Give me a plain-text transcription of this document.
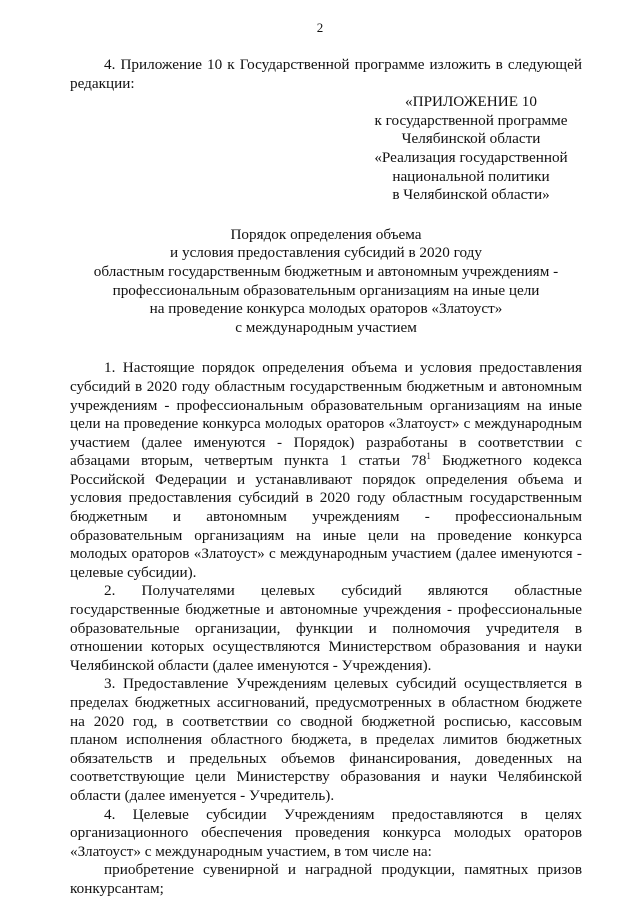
2

4. Приложение 10 к Государственной программе изложить в следующей редакции:

«ПРИЛОЖЕНИЕ 10
к государственной программе
Челябинской области
«Реализация государственной
национальной политики
в Челябинской области»
Порядок определения объема
и условия предоставления субсидий в 2020 году
областным государственным бюджетным и автономным учреждениям -
профессиональным образовательным организациям на иные цели
на проведение конкурса молодых ораторов «Златоуст»
с международным участием

1. Настоящие порядок определения объема и условия предоставления субсидий в 2020 году областным государственным бюджетным и автономным учреждениям - профессиональным образовательным организациям на иные цели на проведение конкурса молодых ораторов «Златоуст» с международным участием (далее именуются - Порядок) разработаны в соответствии с абзацами вторым, четвертым пункта 1 статьи $78^1$ Бюджетного кодекса Российской Федерации и устанавливают порядок определения объема и условия предоставления субсидий в 2020 году областным государственным бюджетным и автономным учреждениям - профессиональным образовательным организациям на иные цели на проведение конкурса молодых ораторов «Златоуст» с международным участием (далее именуются - целевые субсидии).

2. Получателями целевых субсидий являются областные государственные бюджетные и автономные учреждения - профессиональные образовательные организации, функции и полномочия учредителя в отношении которых осуществляются Министерством образования и науки Челябинской области (далее именуются - Учреждения).

3. Предоставление Учреждениям целевых субсидий осуществляется в пределах бюджетных ассигнований, предусмотренных в областном бюджете на 2020 год, в соответствии со сводной бюджетной росписью, кассовым планом исполнения областного бюджета, в пределах лимитов бюджетных обязательств и предельных объемов финансирования, доведенных на соответствующие цели Министерству образования и науки Челябинской области (далее именуется - Учредитель).

4. Целевые субсидии Учреждениям предоставляются в целях организационного обеспечения проведения конкурса молодых ораторов «Златоуст» с международным участием, в том числе на:

приобретение сувенирной и наградной продукции, памятных призов конкурсантам;
